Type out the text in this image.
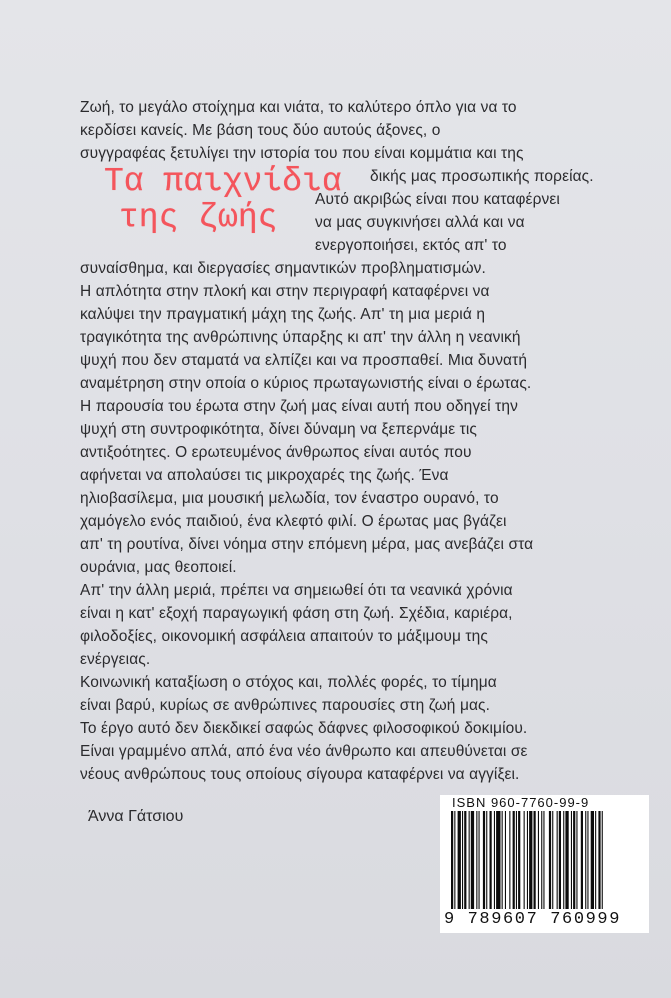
Τα παιχνίδια
της ζωής
Ζωή, το μεγάλο στοίχημα και νιάτα, το καλύτερο όπλο για να το
κερδίσει κανείς. Με βάση τους δύο αυτούς άξονες, ο
συγγραφέας ξετυλίγει την ιστορία του που είναι κομμάτια και της
δικής μας προσωπικής πορείας.
Αυτό ακριβώς είναι που καταφέρνει
να μας συγκινήσει αλλά και να
ενεργοποιήσει, εκτός απ' το
συναίσθημα, και διεργασίες σημαντικών προβληματισμών.
Η απλότητα στην πλοκή και στην περιγραφή καταφέρνει να
καλύψει την πραγματική μάχη της ζωής. Απ' τη μια μεριά η
τραγικότητα της ανθρώπινης ύπαρξης κι απ' την άλλη η νεανική
ψυχή που δεν σταματά να ελπίζει και να προσπαθεί. Μια δυνατή
αναμέτρηση στην οποία ο κύριος πρωταγωνιστής είναι ο έρωτας.
Η παρουσία του έρωτα στην ζωή μας είναι αυτή που οδηγεί την
ψυχή στη συντροφικότητα, δίνει δύναμη να ξεπερνάμε τις
αντιξοότητες. Ο ερωτευμένος άνθρωπος είναι αυτός που
αφήνεται να απολαύσει τις μικροχαρές της ζωής. Ένα
ηλιοβασίλεμα, μια μουσική μελωδία, τον έναστρο ουρανό, το
χαμόγελο ενός παιδιού, ένα κλεφτό φιλί. Ο έρωτας μας βγάζει
απ' τη ρουτίνα, δίνει νόημα στην επόμενη μέρα, μας ανεβάζει στα
ουράνια, μας θεοποιεί.
Απ' την άλλη μεριά, πρέπει να σημειωθεί ότι τα νεανικά χρόνια
είναι η κατ' εξοχή παραγωγική φάση στη ζωή. Σχέδια, καριέρα,
φιλοδοξίες, οικονομική ασφάλεια απαιτούν το μάξιμουμ της
ενέργειας.
Κοινωνική καταξίωση ο στόχος και, πολλές φορές, το τίμημα
είναι βαρύ, κυρίως σε ανθρώπινες παρουσίες στη ζωή μας.
Το έργο αυτό δεν διεκδικεί σαφώς δάφνες φιλοσοφικού δοκιμίου.
Είναι γραμμένο απλά, από ένα νέο άνθρωπο και απευθύνεται σε
νέους ανθρώπους τους οποίους σίγουρα καταφέρνει να αγγίξει.
Άννα Γάτσιου
ISBN 960-7760-99-9
9 789607 760999
